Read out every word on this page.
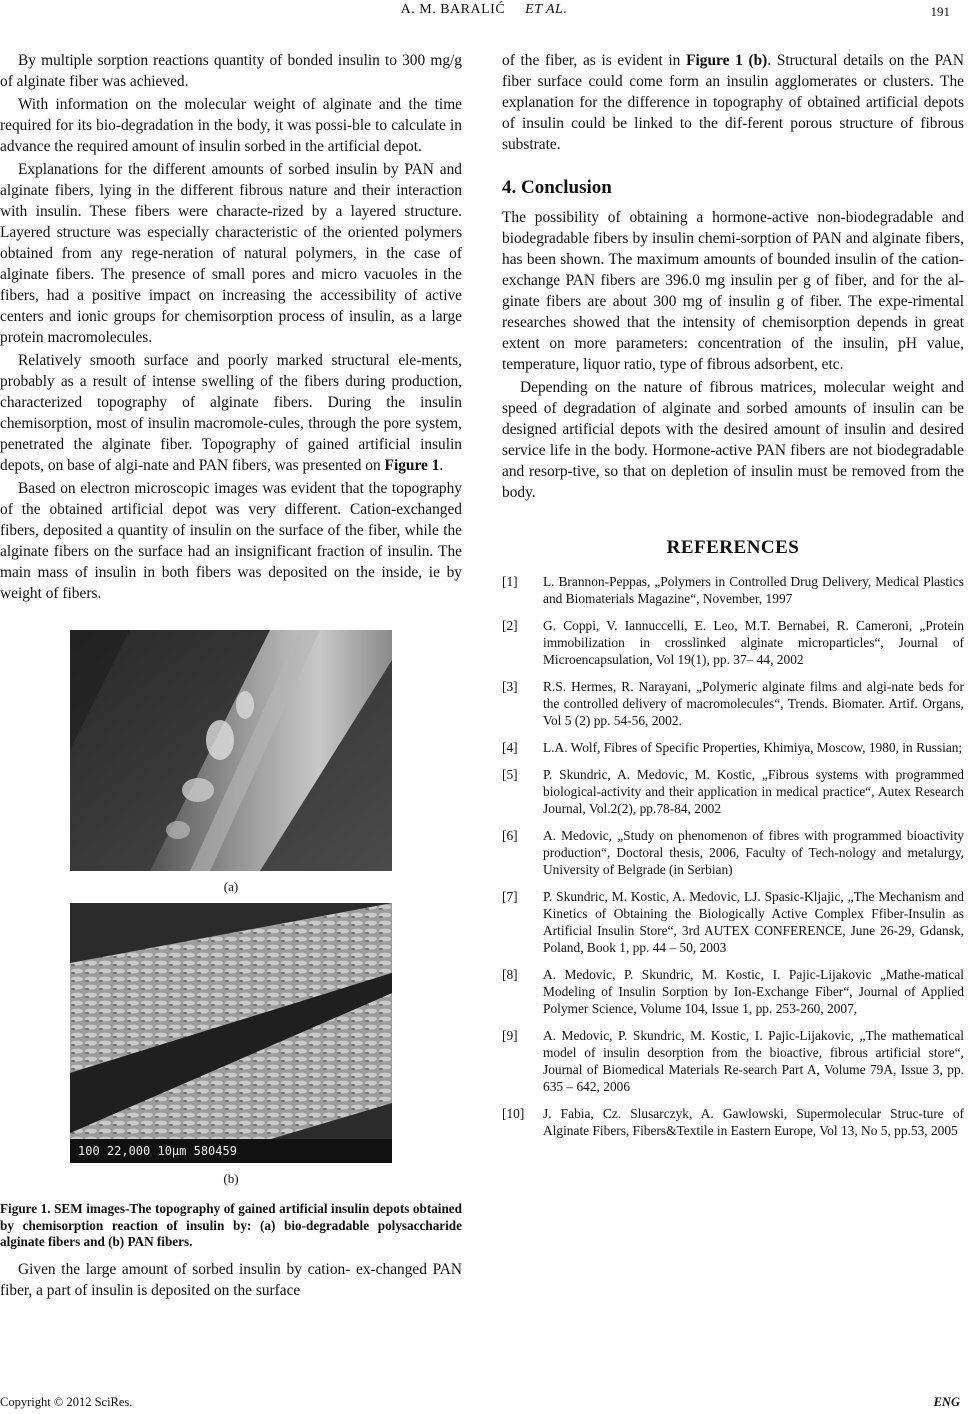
A. M. BARALIĆ ET AL.	191

By multiple sorption reactions quantity of bonded insulin to 300 mg/g of alginate fiber was achieved.

With information on the molecular weight of alginate and the time required for its bio-degradation in the body, it was possi-ble to calculate in advance the required amount of insulin sorbed in the artificial depot.

Explanations for the different amounts of sorbed insulin by PAN and alginate fibers, lying in the different fibrous nature and their interaction with insulin. These fibers were characte-rized by a layered structure. Layered structure was especially characteristic of the oriented polymers obtained from any rege-neration of natural polymers, in the case of alginate fibers. The presence of small pores and micro vacuoles in the fibers, had a positive impact on increasing the accessibility of active centers and ionic groups for chemisorption process of insulin, as a large protein macromolecules.

Relatively smooth surface and poorly marked structural ele-ments, probably as a result of intense swelling of the fibers during production, characterized topography of alginate fibers. During the insulin chemisorption, most of insulin macromole-cules, through the pore system, penetrated the alginate fiber. Topography of gained artificial insulin depots, on base of algi-nate and PAN fibers, was presented on Figure 1.

Based on electron microscopic images was evident that the topography of the obtained artificial depot was very different. Cation-exchanged fibers, deposited a quantity of insulin on the surface of the fiber, while the alginate fibers on the surface had an insignificant fraction of insulin. The main mass of insulin in both fibers was deposited on the inside, ie by weight of fibers.

(a)
100 22,000 10μm 580459
(b)
Figure 1. SEM images-The topography of gained artificial insulin depots obtained by chemisorption reaction of insulin by: (a) bio-degradable polysaccharide alginate fibers and (b) PAN fibers.

Given the large amount of sorbed insulin by cation- ex-changed PAN fiber, a part of insulin is deposited on the surface

of the fiber, as is evident in Figure 1 (b). Structural details on the PAN fiber surface could come form an insulin agglomerates or clusters. The explanation for the difference in topography of obtained artificial depots of insulin could be linked to the dif-ferent porous structure of fibrous substrate.

4. Conclusion

The possibility of obtaining a hormone-active non-biodegradable and biodegradable fibers by insulin chemi-sorption of PAN and alginate fibers, has been shown. The maximum amounts of bounded insulin of the cation-exchange PAN fibers are 396.0 mg insulin per g of fiber, and for the al-ginate fibers are about 300 mg of insulin g of fiber. The expe-rimental researches showed that the intensity of chemisorption depends in great extent on more parameters: concentration of the insulin, pH value, temperature, liquor ratio, type of fibrous adsorbent, etc.

Depending on the nature of fibrous matrices, molecular weight and speed of degradation of alginate and sorbed amounts of insulin can be designed artificial depots with the desired amount of insulin and desired service life in the body. Hormone-active PAN fibers are not biodegradable and resorp-tive, so that on depletion of insulin must be removed from the body.

REFERENCES
[1] L. Brannon-Peppas, „Polymers in Controlled Drug Delivery, Medical Plastics and Biomaterials Magazine“, November, 1997
[2] G. Coppi, V. Iannuccelli, E. Leo, M.T. Bernabei, R. Cameroni, „Protein immobilization in crosslinked alginate microparticles“, Journal of Microencapsulation, Vol 19(1), pp. 37– 44, 2002
[3] R.S. Hermes, R. Narayani, „Polymeric alginate films and algi-nate beds for the controlled delivery of macromolecules“, Trends. Biomater. Artif. Organs, Vol 5 (2) pp. 54-56, 2002.
[4] L.A. Wolf, Fibres of Specific Properties, Khimiya, Moscow, 1980, in Russian;
[5] P. Skundric, A. Medovic, M. Kostic, „Fibrous systems with programmed biological-activity and their application in medical practice“, Autex Research Journal, Vol.2(2), pp.78-84, 2002
[6] A. Medovic, „Study on phenomenon of fibres with programmed bioactivity production“, Doctoral thesis, 2006, Faculty of Tech-nology and metalurgy, University of Belgrade (in Serbian)
[7] P. Skundric, M. Kostic, A. Medovic, LJ. Spasic-Kljajic, „The Mechanism and Kinetics of Obtaining the Biologically Active Complex Ffiber-Insulin as Artificial Insulin Store“, 3rd AUTEX CONFERENCE, June 26-29, Gdansk, Poland, Book 1, pp. 44 – 50, 2003
[8] A. Medovic, P. Skundric, M. Kostic, I. Pajic-Lijakovic „Mathe-matical Modeling of Insulin Sorption by Ion-Exchange Fiber“, Journal of Applied Polymer Science, Volume 104, Issue 1, pp. 253-260, 2007,
[9] A. Medovic, P. Skundric, M. Kostic, I. Pajic-Lijakovic, „The mathematical model of insulin desorption from the bioactive, fibrous artificial store“, Journal of Biomedical Materials Re-search Part A, Volume 79A, Issue 3, pp. 635 – 642, 2006
[10] J. Fabia, Cz. Slusarczyk, A. Gawlowski, Supermolecular Struc-ture of Alginate Fibers, Fibers&Textile in Eastern Europe, Vol 13, No 5, pp.53, 2005
Copyright © 2012 SciRes.	ENG
